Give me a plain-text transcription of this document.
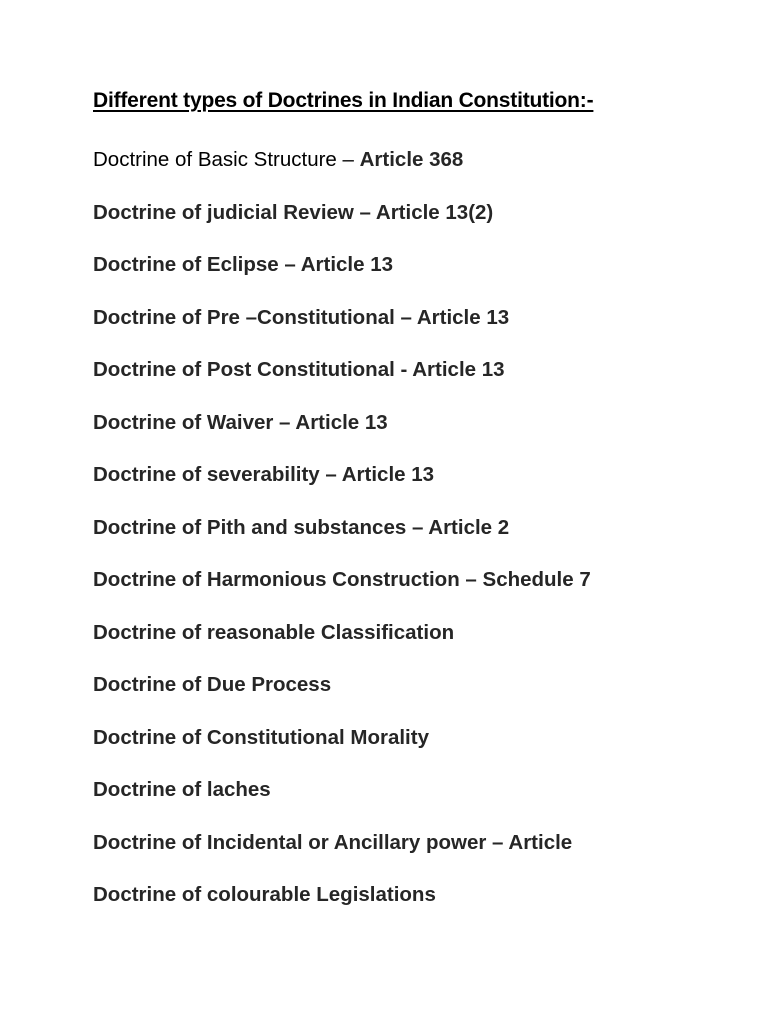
Different types of Doctrines in Indian Constitution:-
Doctrine of Basic Structure – Article 368
Doctrine of judicial Review – Article 13(2)
Doctrine of Eclipse – Article 13
Doctrine of Pre –Constitutional – Article 13
Doctrine of Post Constitutional - Article 13
Doctrine of Waiver – Article 13
Doctrine of severability – Article 13
Doctrine of Pith and substances – Article 2
Doctrine of Harmonious Construction – Schedule 7
Doctrine of reasonable Classification
Doctrine of Due Process
Doctrine of Constitutional Morality
Doctrine of laches
Doctrine of Incidental or Ancillary power – Article
Doctrine of colourable Legislations
